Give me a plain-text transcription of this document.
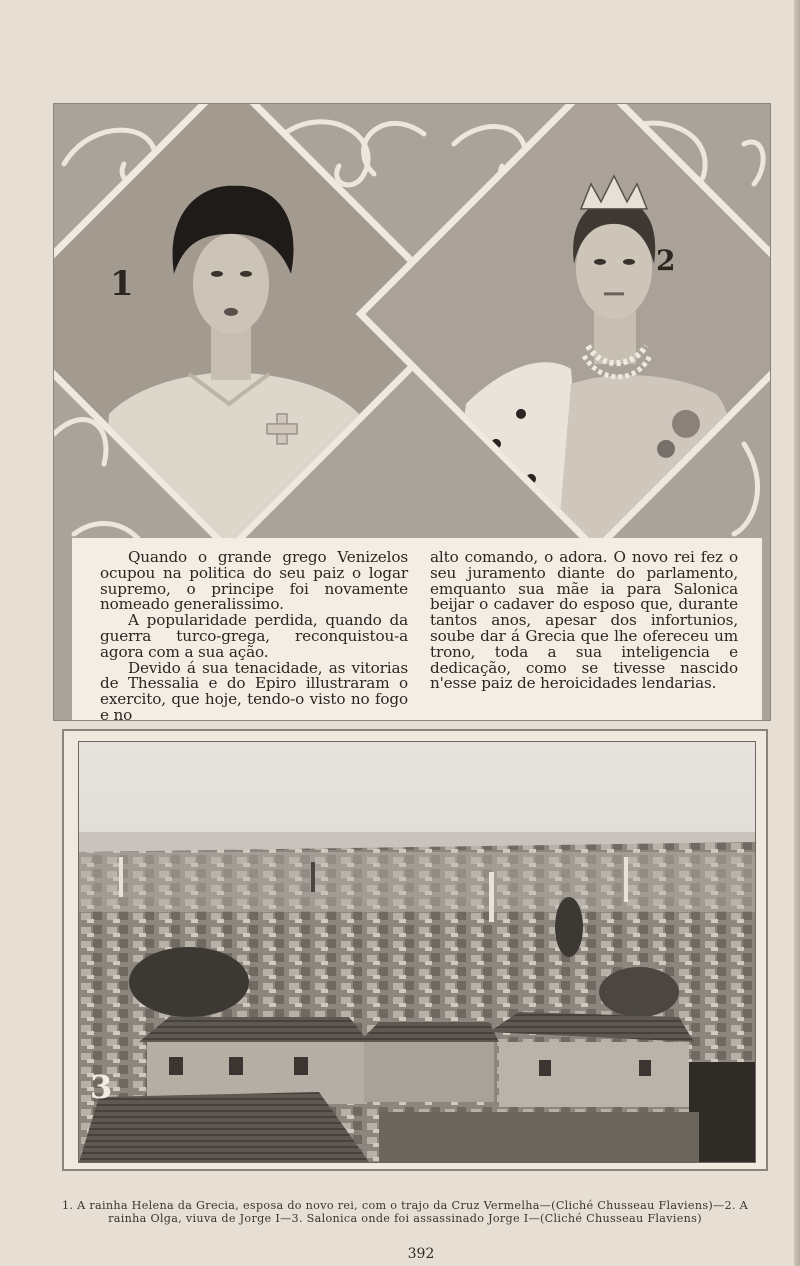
1
2

Quando o grande grego Venizelos ocupou na politica do seu paiz o logar supremo, o principe foi novamente nomeado generalissimo.

A popularidade perdida, quando da guerra turco-grega, reconquistou-a agora com a sua ação.

Devido á sua tenacidade, as vitorias de Thessalia e do Epiro illustraram o exercito, que hoje, tendo-o visto no fogo e no

alto comando, o adora. O novo rei fez o seu juramento diante do parlamento, emquanto sua mãe ia para Salonica beijar o cadaver do esposo que, durante tantos anos, apesar dos infortunios, soube dar á Grecia que lhe ofereceu um trono, toda a sua inteligencia e dedicação, como se tivesse nascido n'esse paiz de heroicidades lendarias.

3
1. A rainha Helena da Grecia, esposa do novo rei, com o trajo da Cruz Vermelha—(Cliché Chusseau Flaviens)—2. A rainha Olga, viuva de Jorge I—3. Salonica onde foi assassinado Jorge I—(Cliché Chusseau Flaviens)
392
